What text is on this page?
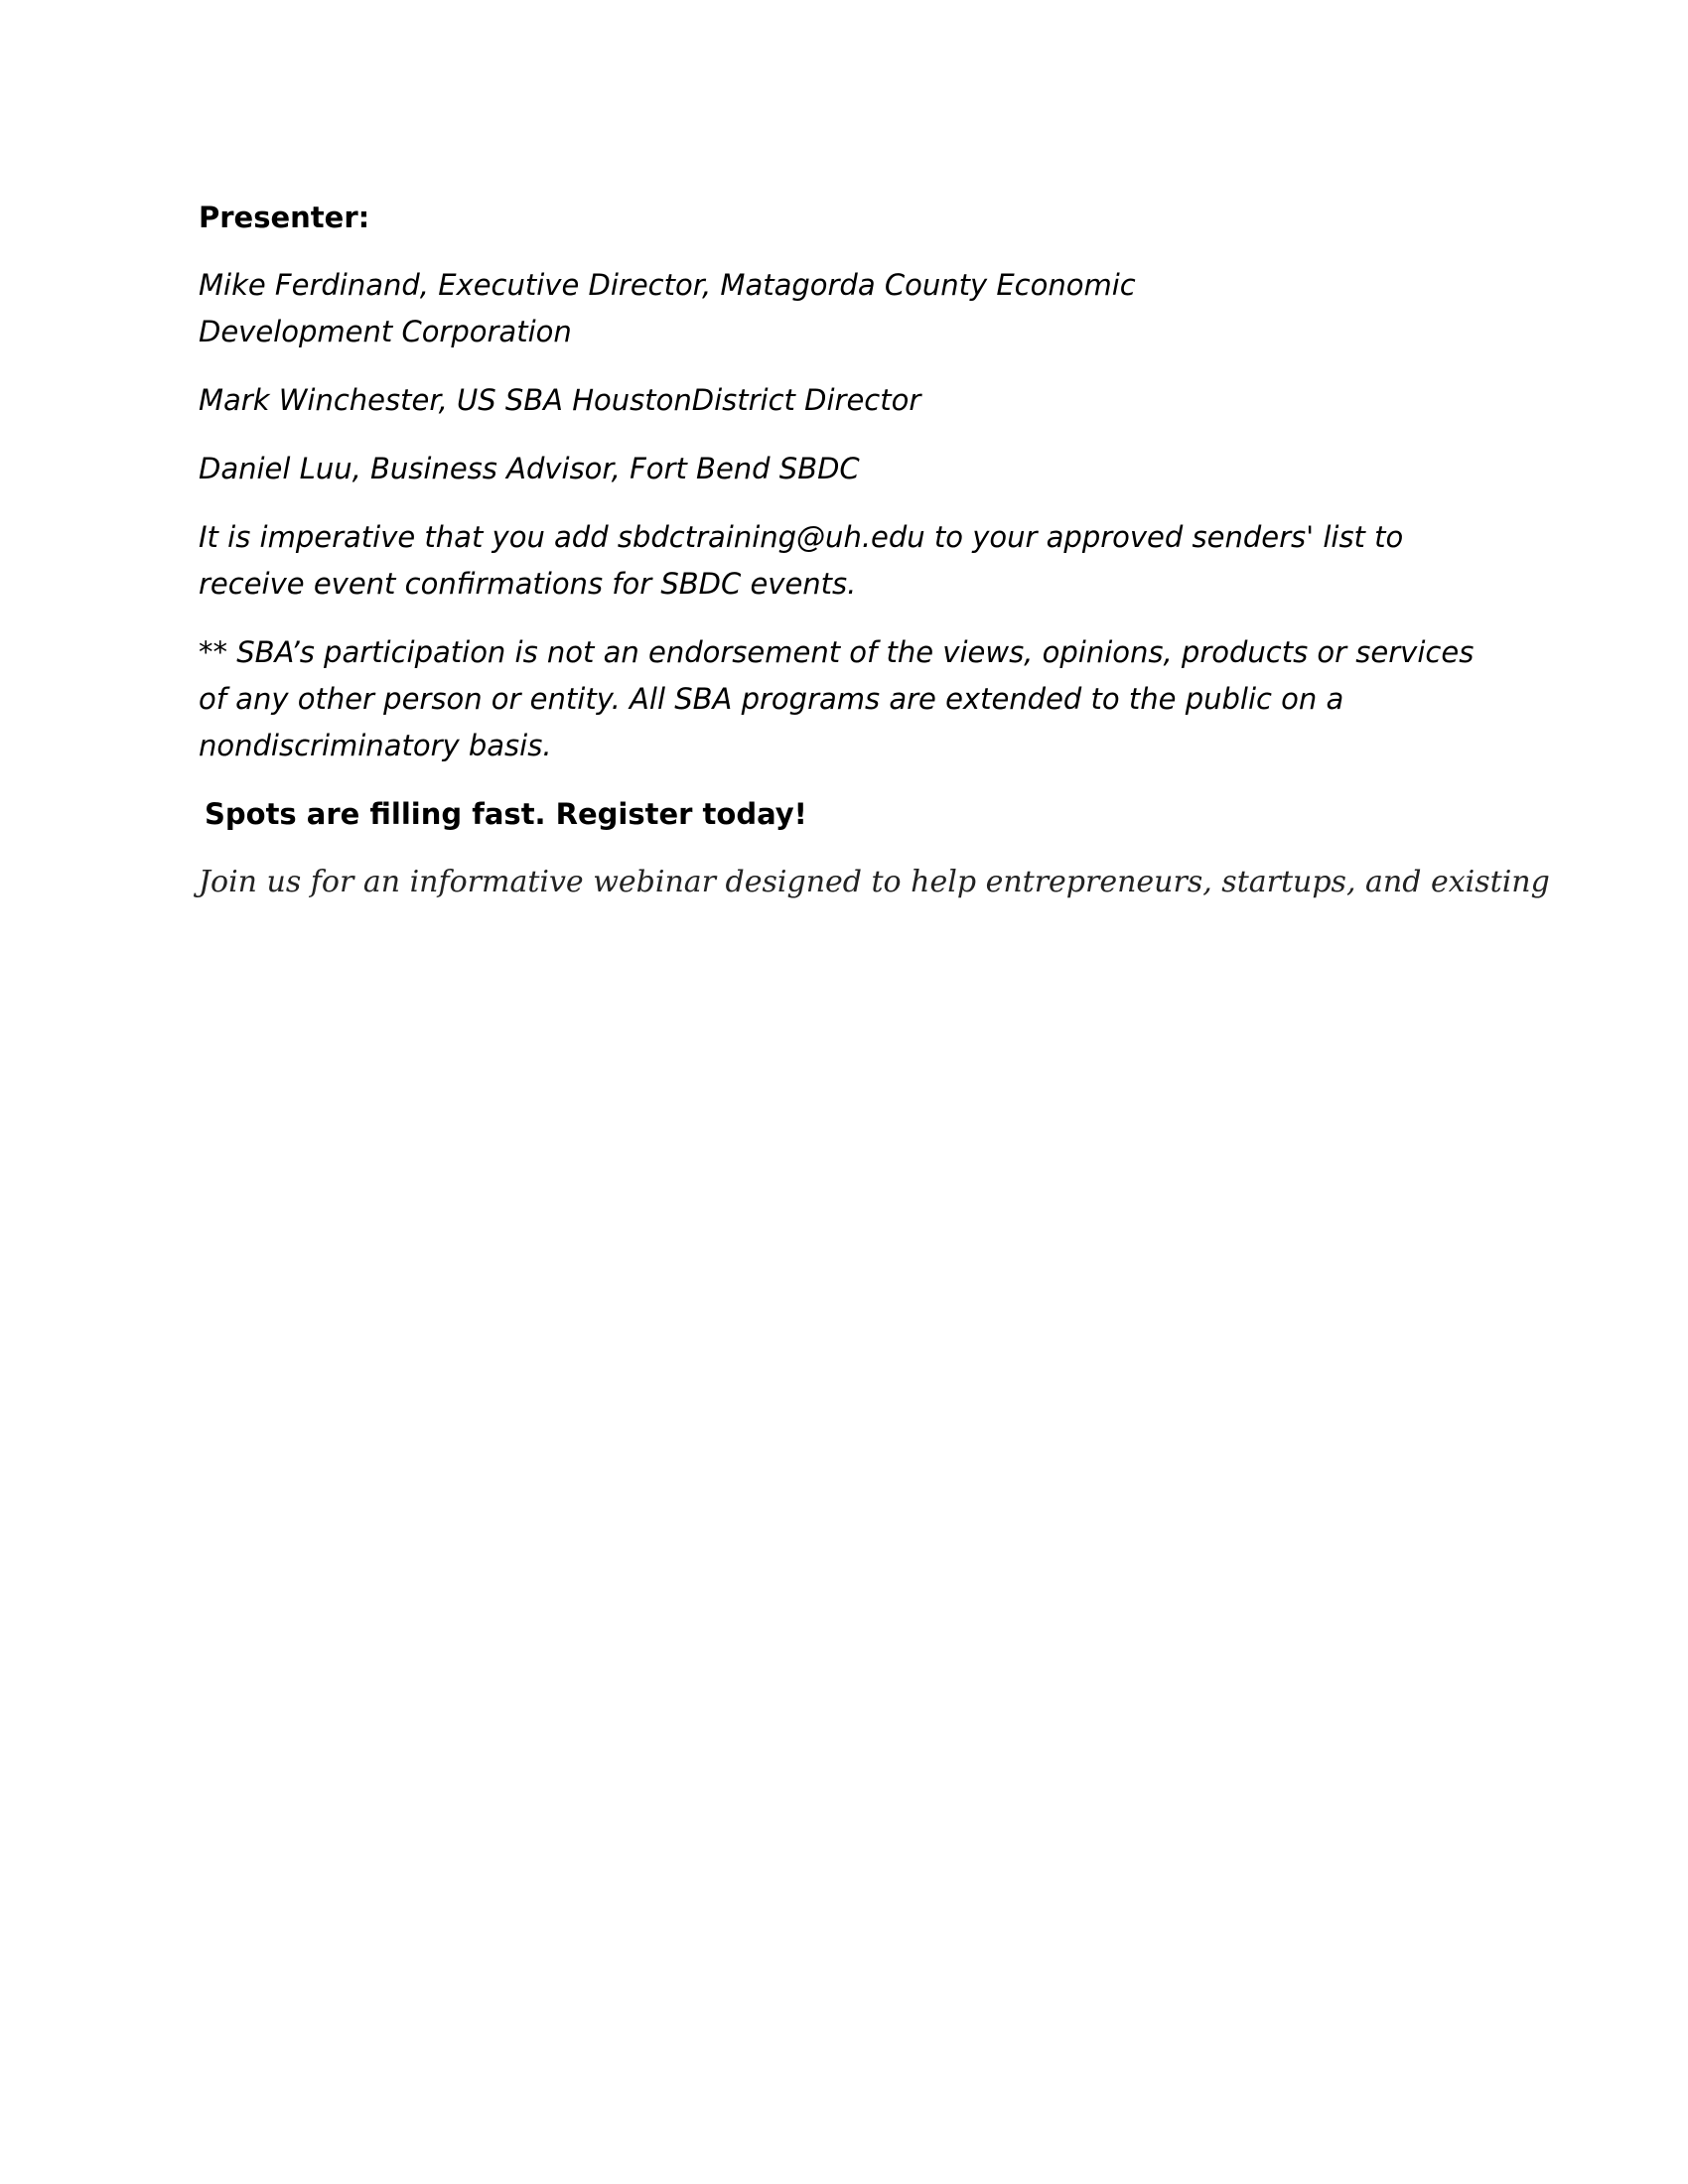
Presenter:

Mike Ferdinand, Executive Director, Matagorda County Economic Development Corporation

Mark Winchester, US SBA HoustonDistrict Director

Daniel Luu, Business Advisor, Fort Bend SBDC

It is imperative that you add sbdctraining@uh.edu to your approved senders' list to receive event confirmations for SBDC events.

** SBA’s participation is not an endorsement of the views, opinions, products or services of any other person or entity. All SBA programs are extended to the public on a nondiscriminatory basis.

Spots are filling fast. Register today!

Join us for an informative webinar designed to help entrepreneurs, startups, and existing
